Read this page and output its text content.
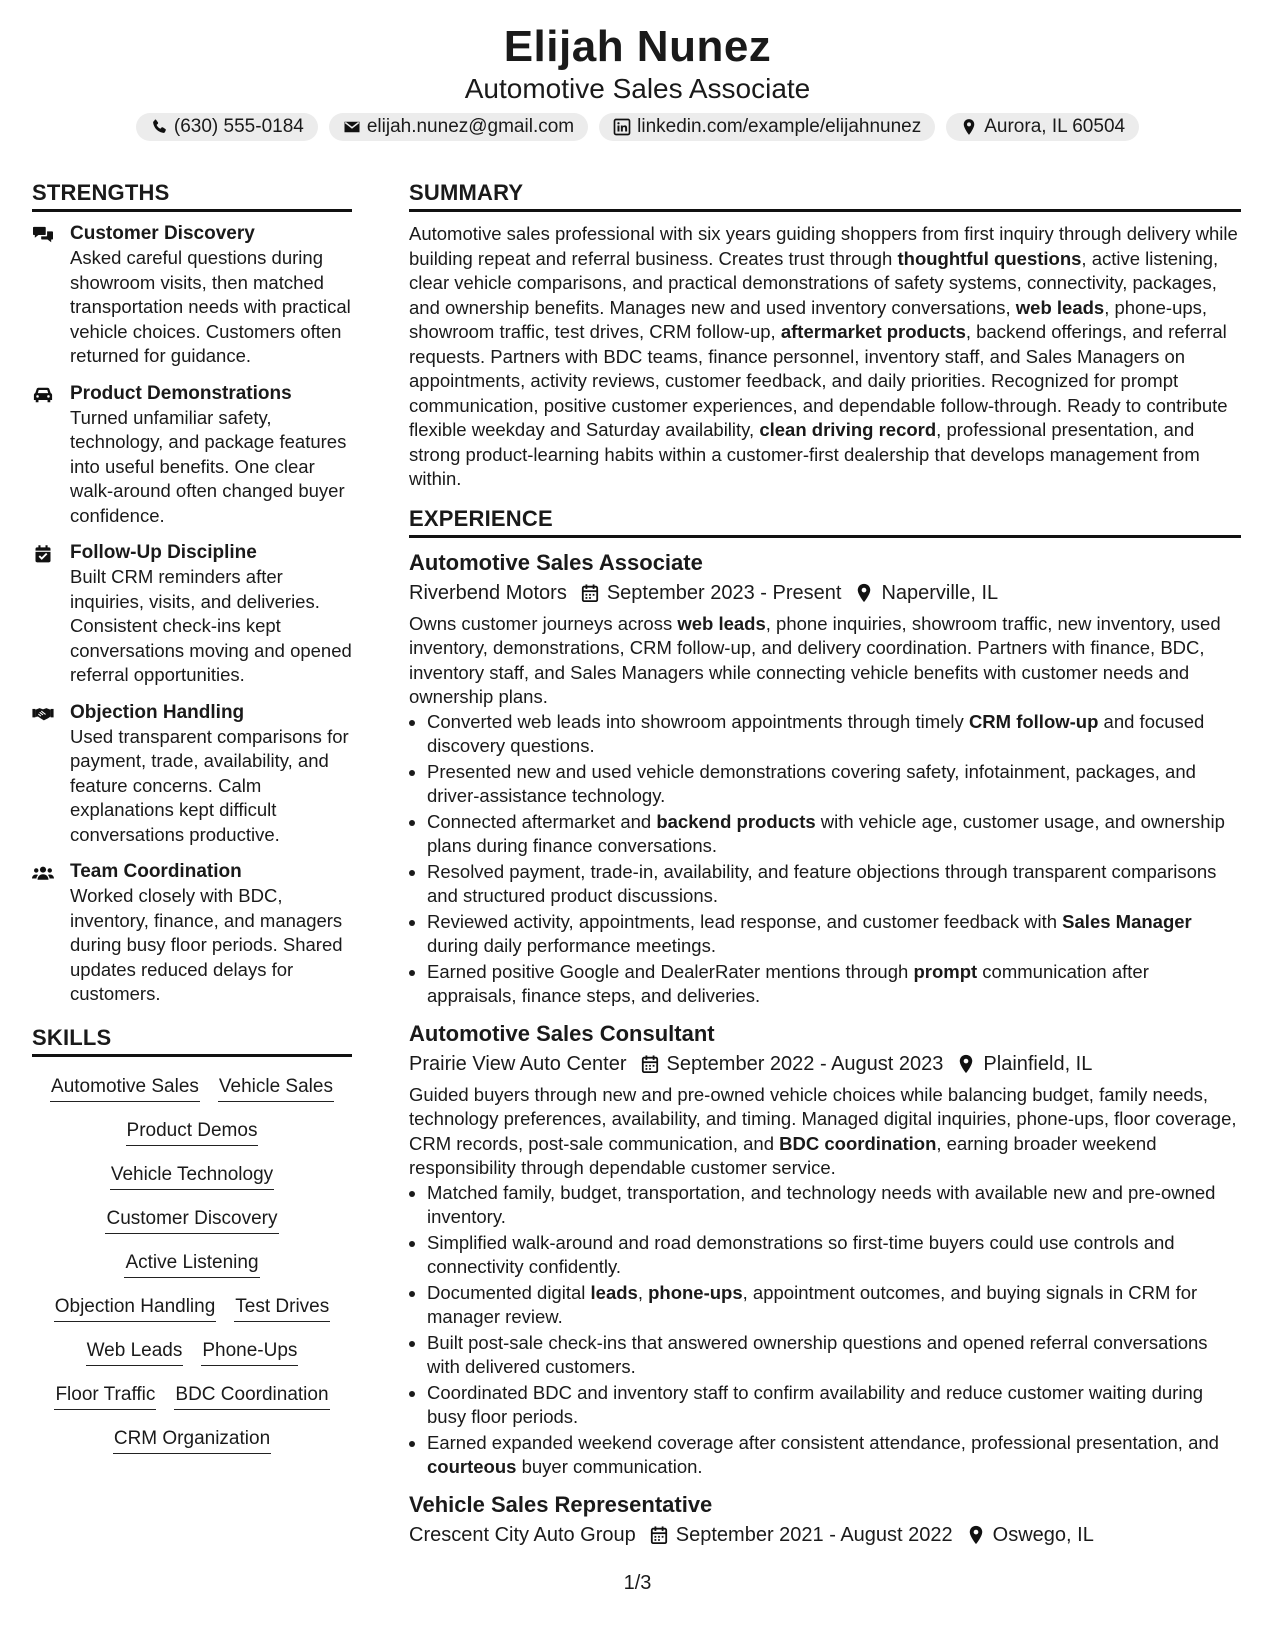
Elijah Nunez
Automotive Sales Associate
(630) 555-0184	elijah.nunez@gmail.com	linkedin.com/example/elijahnunez	Aurora, IL 60504
STRENGTHS
Customer Discovery
Asked careful questions during showroom visits, then matched transportation needs with practical vehicle choices. Customers often returned for guidance.
Product Demonstrations
Turned unfamiliar safety, technology, and package features into useful benefits. One clear walk-around often changed buyer confidence.
Follow-Up Discipline
Built CRM reminders after inquiries, visits, and deliveries. Consistent check-ins kept conversations moving and opened referral opportunities.
Objection Handling
Used transparent comparisons for payment, trade, availability, and feature concerns. Calm explanations kept difficult conversations productive.
Team Coordination
Worked closely with BDC, inventory, finance, and managers during busy floor periods. Shared updates reduced delays for customers.
SKILLS
Automotive Sales Vehicle Sales
Product Demos
Vehicle Technology
Customer Discovery
Active Listening
Objection Handling Test Drives
Web Leads Phone-Ups
Floor Traffic BDC Coordination
CRM Organization
SUMMARY
Automotive sales professional with six years guiding shoppers from first inquiry through delivery while building repeat and referral business. Creates trust through thoughtful questions, active listening, clear vehicle comparisons, and practical demonstrations of safety systems, connectivity, packages, and ownership benefits. Manages new and used inventory conversations, web leads, phone-ups, showroom traffic, test drives, CRM follow-up, aftermarket products, backend offerings, and referral requests. Partners with BDC teams, finance personnel, inventory staff, and Sales Managers on appointments, activity reviews, customer feedback, and daily priorities. Recognized for prompt communication, positive customer experiences, and dependable follow-through. Ready to contribute flexible weekday and Saturday availability, clean driving record, professional presentation, and strong product-learning habits within a customer-first dealership that develops management from within.
EXPERIENCE
Automotive Sales Associate
Riverbend Motors September 2023 - Present Naperville, IL
Owns customer journeys across web leads, phone inquiries, showroom traffic, new inventory, used inventory, demonstrations, CRM follow-up, and delivery coordination. Partners with finance, BDC, inventory staff, and Sales Managers while connecting vehicle benefits with customer needs and ownership plans.
• Converted web leads into showroom appointments through timely CRM follow-up and focused discovery questions.
• Presented new and used vehicle demonstrations covering safety, infotainment, packages, and driver-assistance technology.
• Connected aftermarket and backend products with vehicle age, customer usage, and ownership plans during finance conversations.
• Resolved payment, trade-in, availability, and feature objections through transparent comparisons and structured product discussions.
• Reviewed activity, appointments, lead response, and customer feedback with Sales Manager during daily performance meetings.
• Earned positive Google and DealerRater mentions through prompt communication after appraisals, finance steps, and deliveries.
Automotive Sales Consultant
Prairie View Auto Center September 2022 - August 2023 Plainfield, IL
Guided buyers through new and pre-owned vehicle choices while balancing budget, family needs, technology preferences, availability, and timing. Managed digital inquiries, phone-ups, floor coverage, CRM records, post-sale communication, and BDC coordination, earning broader weekend responsibility through dependable customer service.
• Matched family, budget, transportation, and technology needs with available new and pre-owned inventory.
• Simplified walk-around and road demonstrations so first-time buyers could use controls and connectivity confidently.
• Documented digital leads, phone-ups, appointment outcomes, and buying signals in CRM for manager review.
• Built post-sale check-ins that answered ownership questions and opened referral conversations with delivered customers.
• Coordinated BDC and inventory staff to confirm availability and reduce customer waiting during busy floor periods.
• Earned expanded weekend coverage after consistent attendance, professional presentation, and courteous buyer communication.
Vehicle Sales Representative
Crescent City Auto Group September 2021 - August 2022 Oswego, IL
1/3
